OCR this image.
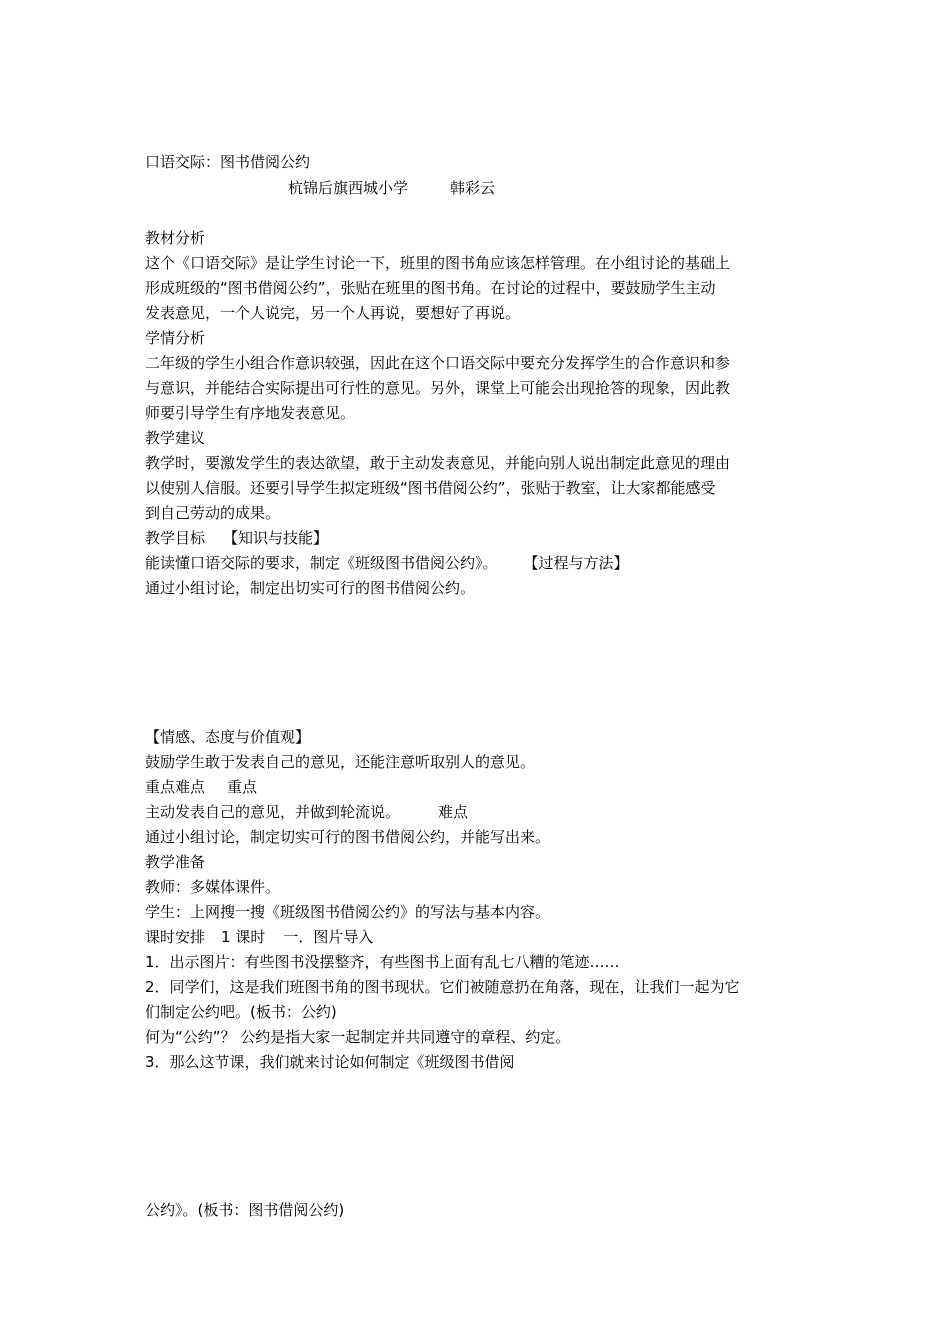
口语交际：图书借阅公约
杭锦后旗西城小学	韩彩云
教材分析
这个《口语交际》是让学生讨论一下，班里的图书角应该怎样管理。在小组讨论的基础上
形成班级的“图书借阅公约”，张贴在班里的图书角。在讨论的过程中，要鼓励学生主动
发表意见，一个人说完，另一个人再说，要想好了再说。
学情分析
二年级的学生小组合作意识较强，因此在这个口语交际中要充分发挥学生的合作意识和参
与意识，并能结合实际提出可行性的意见。另外，课堂上可能会出现抢答的现象，因此教
师要引导学生有序地发表意见。
教学建议
教学时，要激发学生的表达欲望，敢于主动发表意见，并能向别人说出制定此意见的理由
以使别人信服。还要引导学生拟定班级“图书借阅公约”，张贴于教室，让大家都能感受
到自己劳动的成果。
教学目标 【知识与技能】
能读懂口语交际的要求，制定《班级图书借阅公约》。 【过程与方法】
通过小组讨论，制定出切实可行的图书借阅公约。
【情感、态度与价值观】
鼓励学生敢于发表自己的意见，还能注意听取别人的意见。
重点难点 重点
主动发表自己的意见，并做到轮流说。	难点
通过小组讨论，制定切实可行的图书借阅公约，并能写出来。
教学准备
教师：多媒体课件。
学生：上网搜一搜《班级图书借阅公约》的写法与基本内容。
课时安排 1 课时 一．图片导入
1．出示图片：有些图书没摆整齐，有些图书上面有乱七八糟的笔迹……
2．同学们，这是我们班图书角的图书现状。它们被随意扔在角落，现在，让我们一起为它
们制定公约吧。(板书：公约)
何为“公约”？ 公约是指大家一起制定并共同遵守的章程、约定。
3．那么这节课，我们就来讨论如何制定《班级图书借阅
公约》。(板书：图书借阅公约)
